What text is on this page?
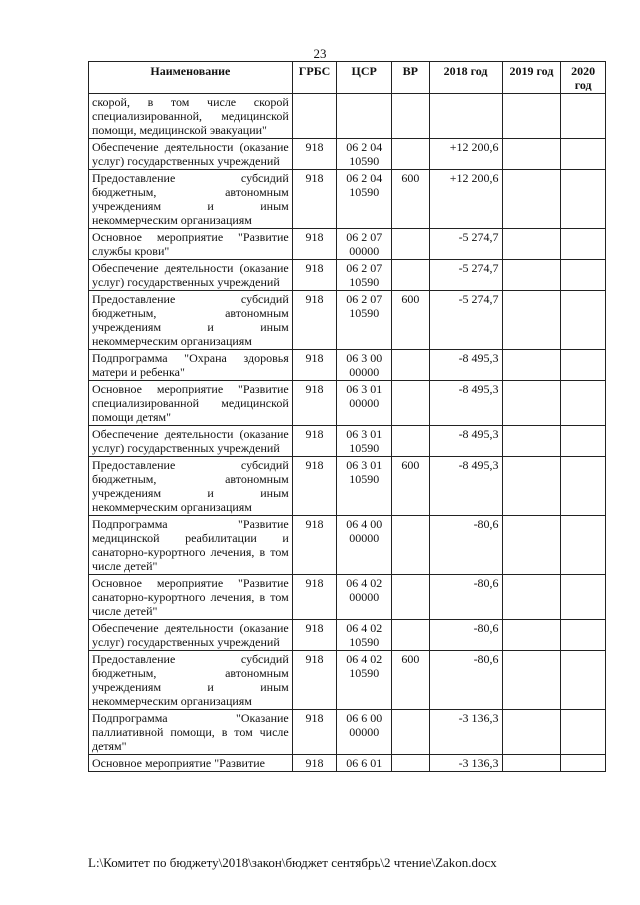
23
Наименование	ГРБС	ЦСР	ВР	2018 год	2019 год	2020 год
скорой, в том числе скорой специализированной, медицинской помощи, медицинской эвакуации"						
Обеспечение деятельности (оказание услуг) государственных учреждений	918	06 2 04 10590		+12 200,6		
Предоставление субсидий бюджетным, автономным учреждениям и иным некоммерческим организациям	918	06 2 04 10590	600	+12 200,6		
Основное мероприятие "Развитие службы крови"	918	06 2 07 00000		-5 274,7		
Обеспечение деятельности (оказание услуг) государственных учреждений	918	06 2 07 10590		-5 274,7		
Предоставление субсидий бюджетным, автономным учреждениям и иным некоммерческим организациям	918	06 2 07 10590	600	-5 274,7		
Подпрограмма "Охрана здоровья матери и ребенка"	918	06 3 00 00000		-8 495,3		
Основное мероприятие "Развитие специализированной медицинской помощи детям"	918	06 3 01 00000		-8 495,3		
Обеспечение деятельности (оказание услуг) государственных учреждений	918	06 3 01 10590		-8 495,3		
Предоставление субсидий бюджетным, автономным учреждениям и иным некоммерческим организациям	918	06 3 01 10590	600	-8 495,3		
Подпрограмма "Развитие медицинской реабилитации и санаторно-курортного лечения, в том числе детей"	918	06 4 00 00000		-80,6		
Основное мероприятие "Развитие санаторно-курортного лечения, в том числе детей"	918	06 4 02 00000		-80,6		
Обеспечение деятельности (оказание услуг) государственных учреждений	918	06 4 02 10590		-80,6		
Предоставление субсидий бюджетным, автономным учреждениям и иным некоммерческим организациям	918	06 4 02 10590	600	-80,6		
Подпрограмма "Оказание паллиативной помощи, в том числе детям"	918	06 6 00 00000		-3 136,3		
Основное мероприятие "Развитие	918	06 6 01		-3 136,3		
L:\Комитет по бюджету\2018\закон\бюджет сентябрь\2 чтение\Zakon.docx
